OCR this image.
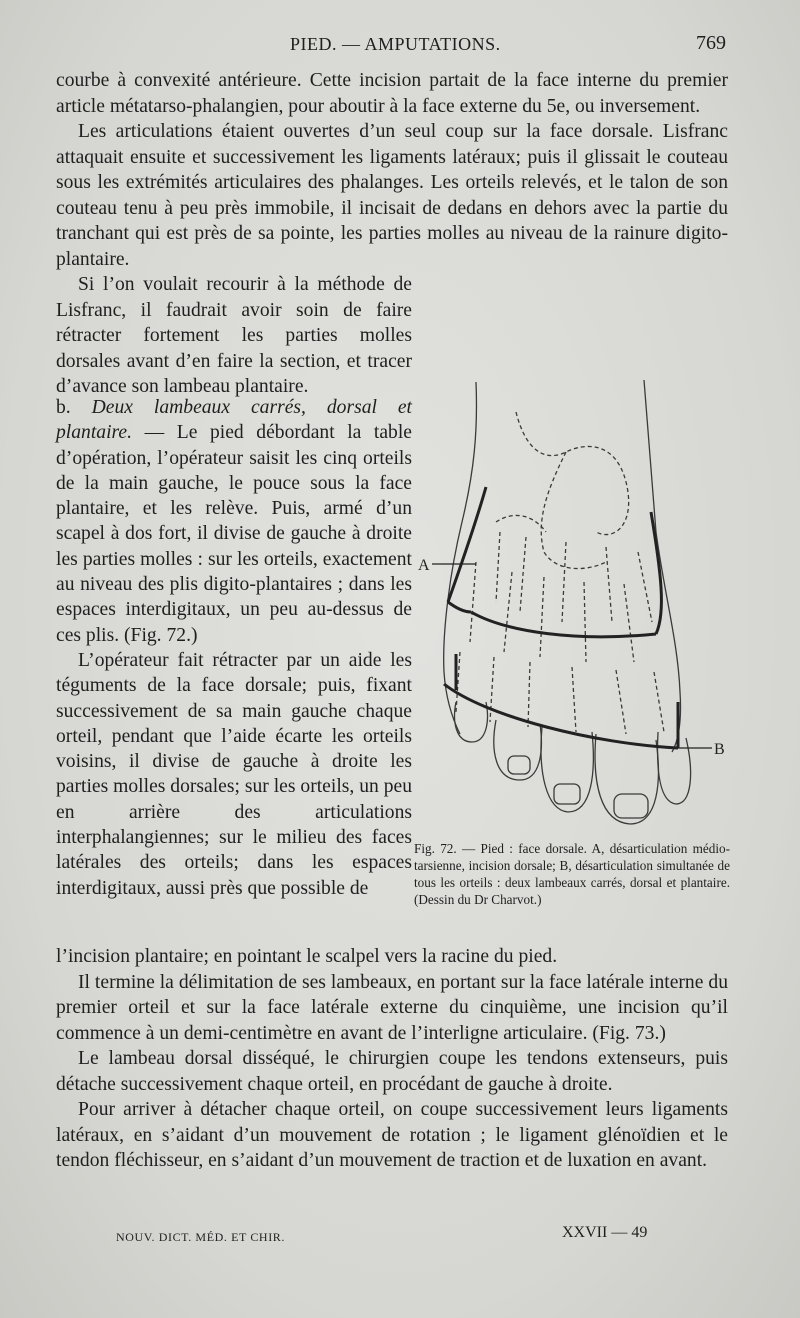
PIED. — AMPUTATIONS.	769

courbe à convexité antérieure. Cette incision partait de la face interne du premier article métatarso-phalangien, pour aboutir à la face externe du 5e, ou inversement.

Les articulations étaient ouvertes d’un seul coup sur la face dorsale. Lisfranc attaquait ensuite et successivement les ligaments latéraux; puis il glissait le couteau sous les extrémités articulaires des phalanges. Les orteils relevés, et le talon de son couteau tenu à peu près immobile, il incisait de dedans en dehors avec la partie du tranchant qui est près de sa pointe, les parties molles au niveau de la rainure digito-plantaire.

Si l’on voulait recourir à la méthode de Lisfranc, il faudrait avoir soin de faire rétracter fortement les parties molles dorsales avant d’en faire la section, et tracer d’avance son lambeau plantaire.

b. Deux lambeaux carrés, dorsal et plantaire. — Le pied débordant la table d’opération, l’opérateur saisit les cinq orteils de la main gauche, le pouce sous la face plantaire, et les relève. Puis, armé d’un scapel à dos fort, il divise de gauche à droite les parties molles : sur les orteils, exactement au niveau des plis digito-plantaires ; dans les espaces interdigitaux, un peu au-dessus de ces plis. (Fig. 72.)

L’opérateur fait rétracter par un aide les téguments de la face dorsale; puis, fixant successivement de sa main gauche chaque orteil, pendant que l’aide écarte les orteils voisins, il divise de gauche à droite les parties molles dorsales; sur les orteils, un peu en arrière des articulations interphalangiennes; sur le milieu des faces latérales des orteils; dans les espaces interdigitaux, aussi près que possible de

A
B
Fig. 72. — Pied : face dorsale. A, désarticulation médio-tarsienne, incision dorsale; B, désarticulation simultanée de tous les orteils : deux lambeaux carrés, dorsal et plantaire. (Dessin du Dr Charvot.)

l’incision plantaire; en pointant le scalpel vers la racine du pied.

Il termine la délimitation de ses lambeaux, en portant sur la face latérale interne du premier orteil et sur la face latérale externe du cinquième, une incision qu’il commence à un demi-centimètre en avant de l’interligne articulaire. (Fig. 73.)

Le lambeau dorsal disséqué, le chirurgien coupe les tendons extenseurs, puis détache successivement chaque orteil, en procédant de gauche à droite.

Pour arriver à détacher chaque orteil, on coupe successivement leurs ligaments latéraux, en s’aidant d’un mouvement de rotation ; le ligament glénoïdien et le tendon fléchisseur, en s’aidant d’un mouvement de traction et de luxation en avant.

NOUV. DICT. MÉD. ET CHIR.	XXVII — 49
